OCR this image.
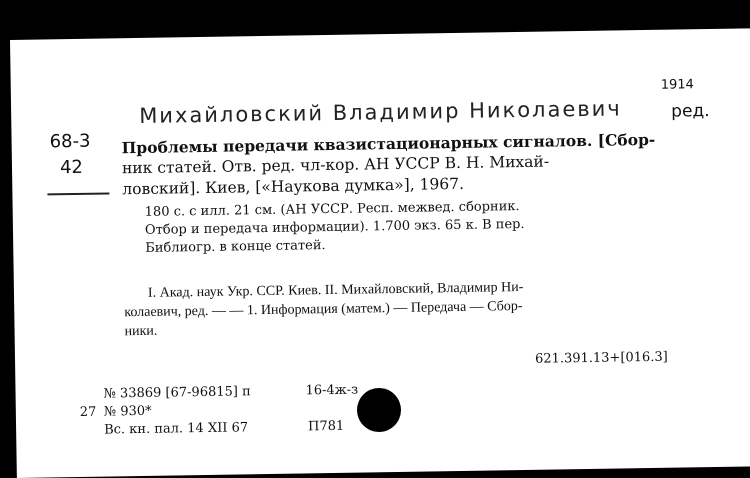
Михайловский Владимир Николаевич
1914
ред.
68-3
42
Проблемы передачи квазистационарных сигналов. [Сбор-
ник статей. Отв. ред. чл-кор. АН УССР В. Н. Михай-
ловский]. Киев, [«Наукова думка»], 1967.
180 с. с илл. 21 см. (АН УССР. Респ. межвед. сборник.
Отбор и передача информации). 1.700 экз. 65 к. В пер.
Библиогр. в конце статей.
I. Акад. наук Укр. ССР. Киев. II. Михайловский, Владимир Ни-
колаевич, ред. — — 1. Информация (матем.) — Передача — Сбор-
ники.
621.391.13+[016.3]
№ 33869 [67-96815] п	16-4ж-з
27 № 930*
Вс. кн. пал. 14 XII 67	П781
